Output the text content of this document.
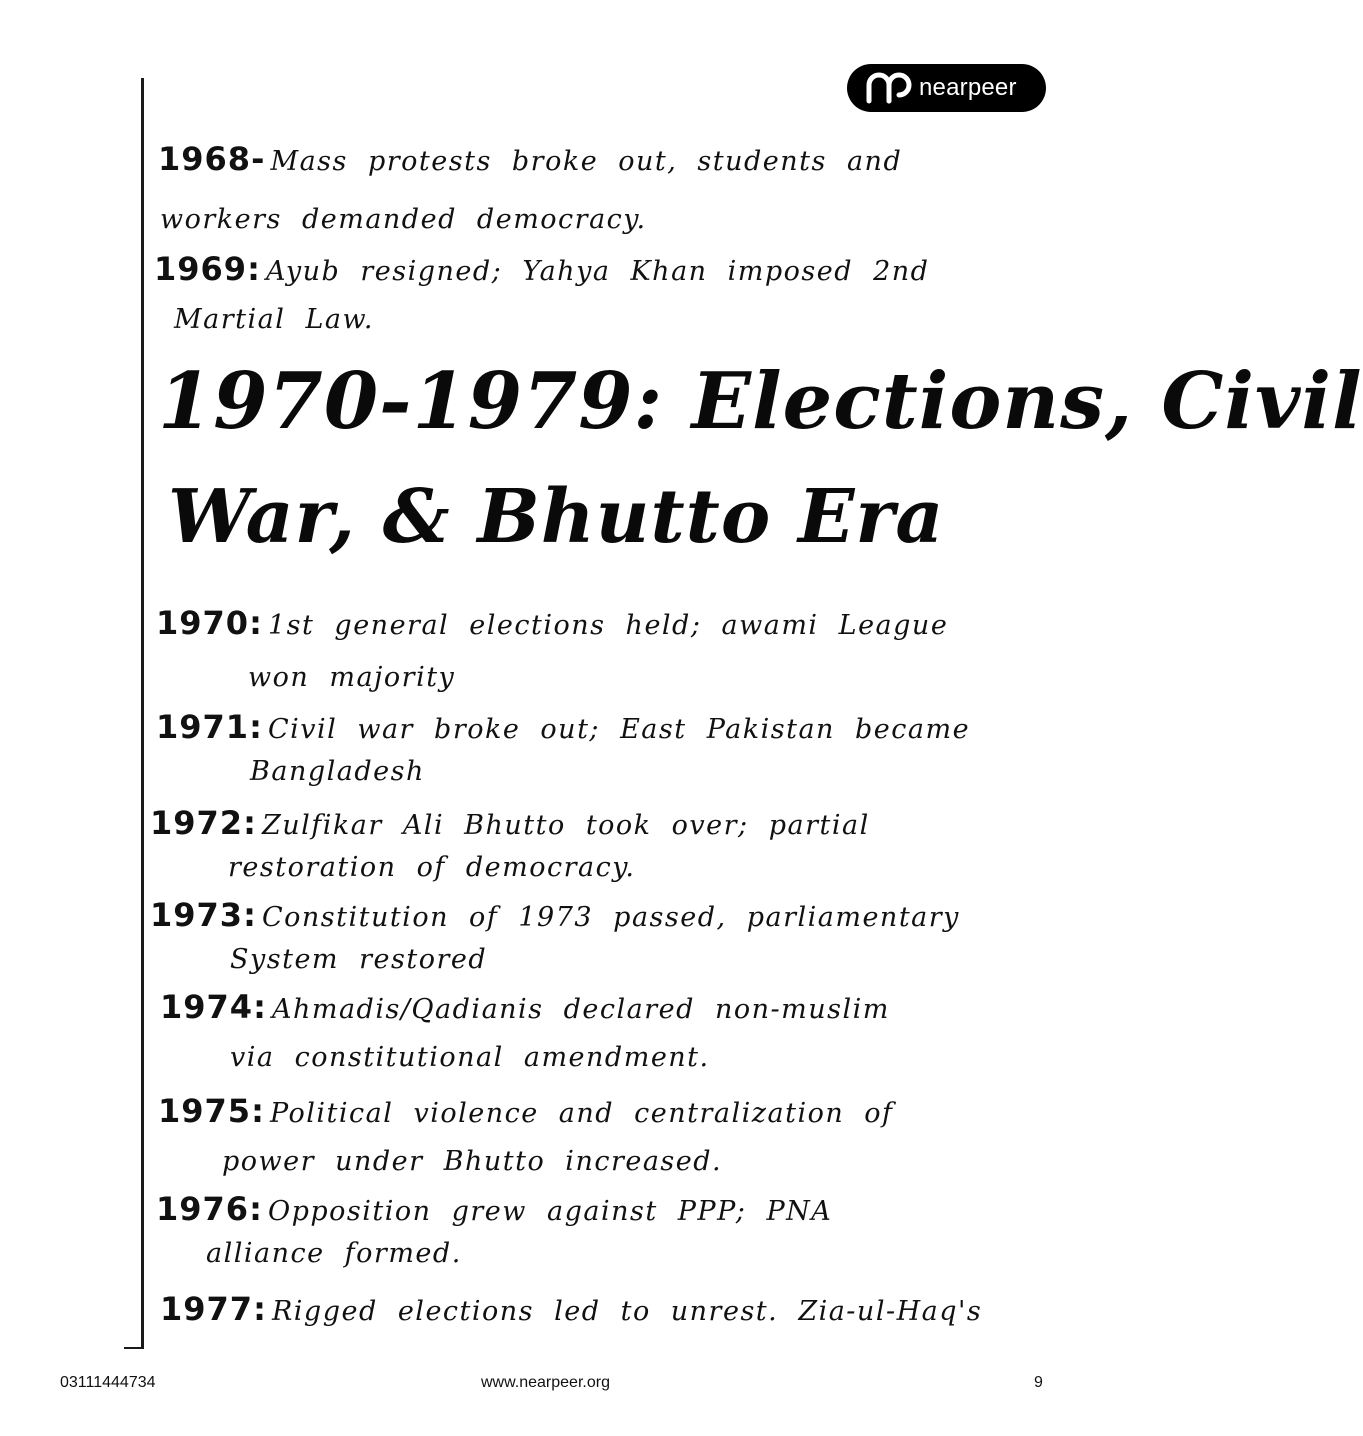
nearpeer
1968- Mass protests broke out, students and
workers demanded democracy.
1969: Ayub resigned; Yahya Khan imposed 2nd
Martial Law.
1970-1979: Elections, Civil
War, & Bhutto Era
1970: 1st general elections held; awami League
won majority
1971: Civil war broke out; East Pakistan became
Bangladesh
1972: Zulfikar Ali Bhutto took over; partial
restoration of democracy.
1973: Constitution of 1973 passed, parliamentary
System restored
1974: Ahmadis/Qadianis declared non-muslim
via constitutional amendment.
1975: Political violence and centralization of
power under Bhutto increased.
1976: Opposition grew against PPP; PNA
alliance formed.
1977: Rigged elections led to unrest. Zia-ul-Haq's
03111444734	www.nearpeer.org	9
